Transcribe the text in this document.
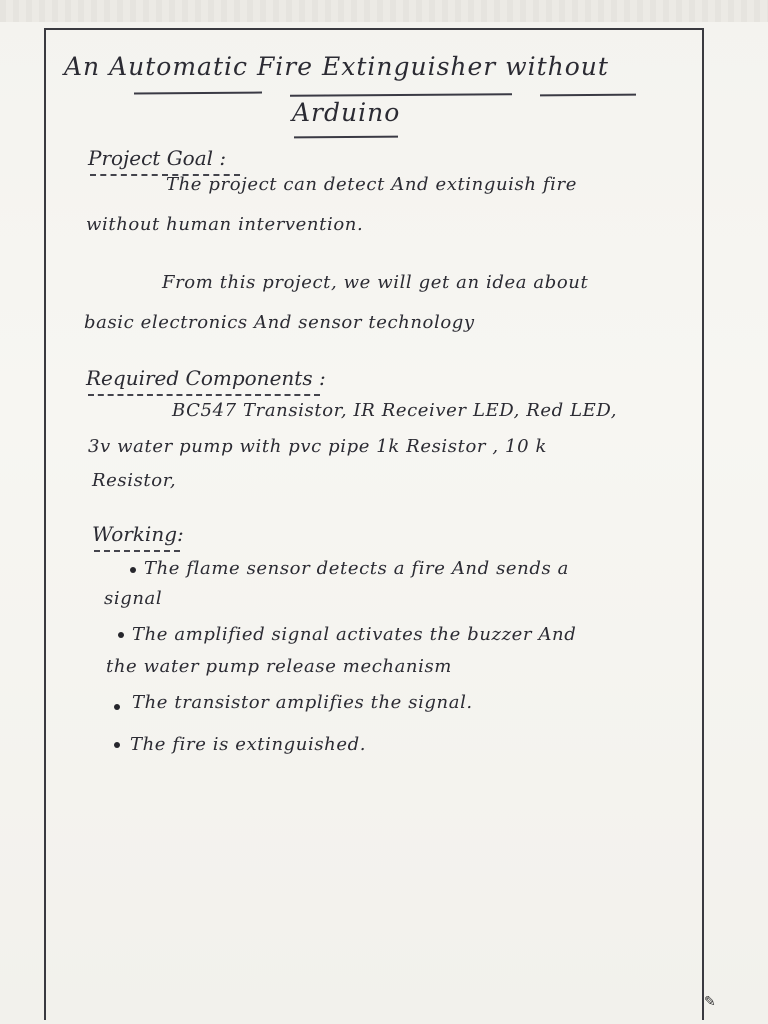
An Automatic Fire Extinguisher without

Arduino

Project Goal :

The project can detect And extinguish fire

without human intervention.

From this project, we will get an idea about

basic electronics And sensor technology

Required Components :

BC547 Transistor, IR Receiver LED, Red LED,

3v water pump with pvc pipe 1k Resistor , 10 k

Resistor,

Working:

The flame sensor detects a fire And sends a

signal

The amplified signal activates the buzzer And

the water pump release mechanism

The transistor amplifies the signal.

The fire is extinguished.

✎
